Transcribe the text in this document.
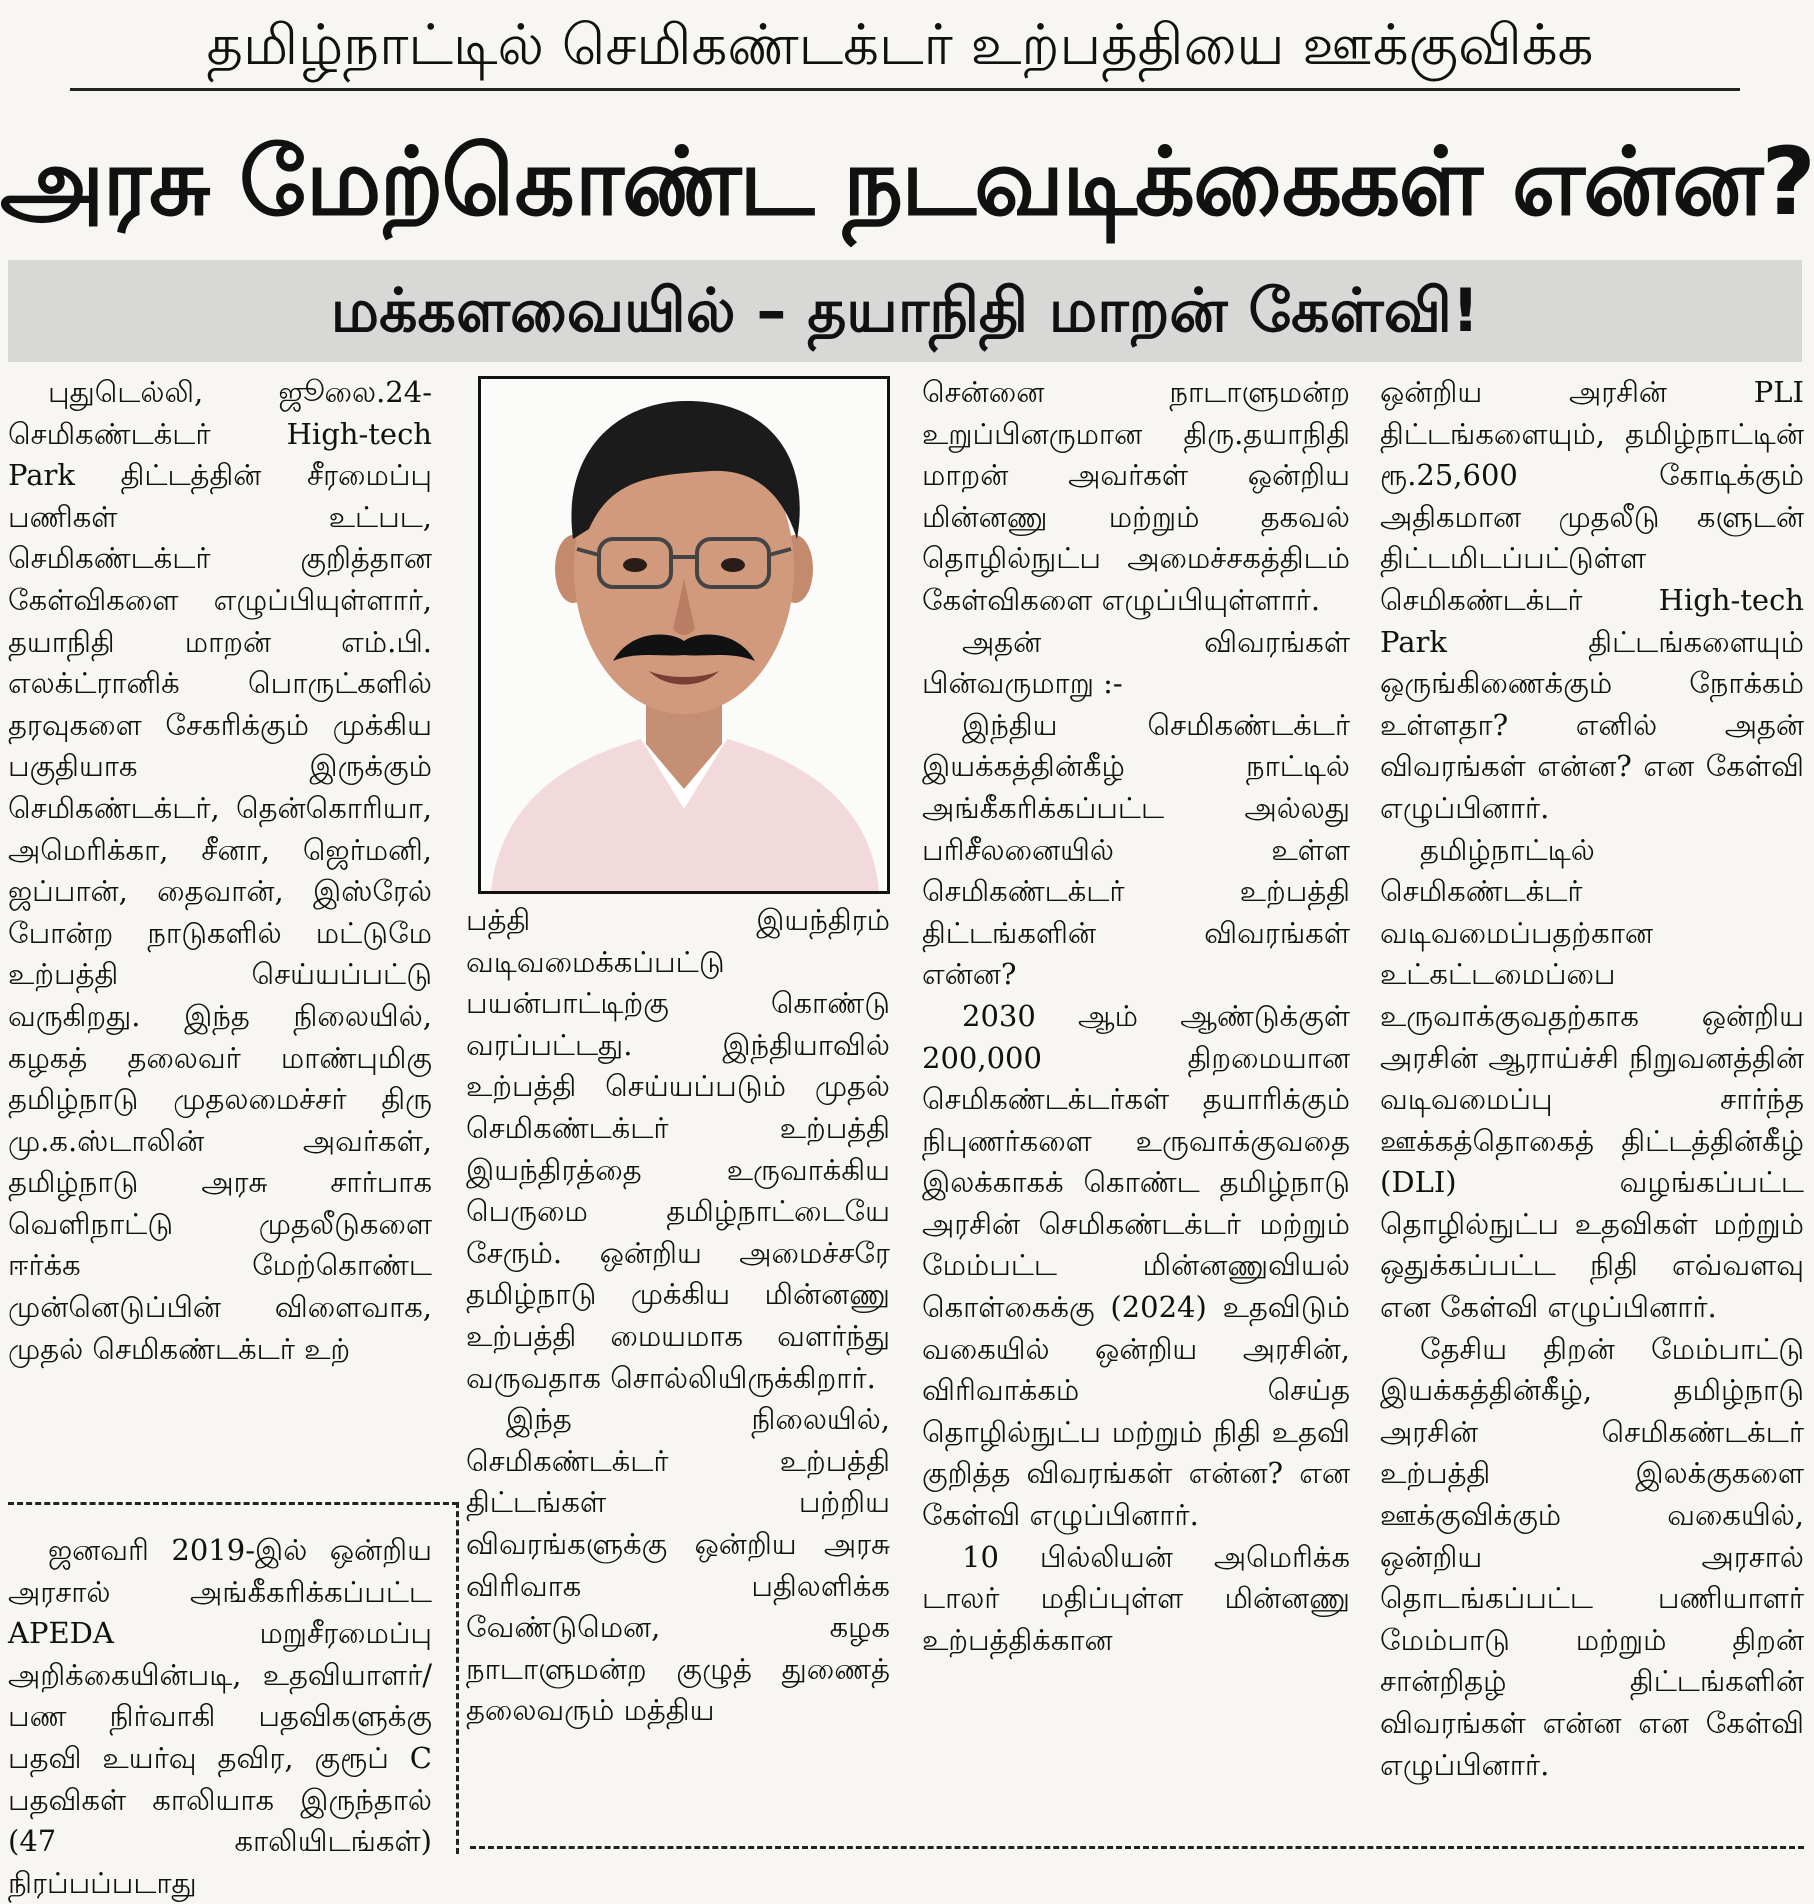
தமிழ்நாட்டில் செமிகண்டக்டர் உற்பத்தியை ஊக்குவிக்க
அரசு மேற்கொண்ட நடவடிக்கைகள் என்ன?
மக்களவையில் – தயாநிதி மாறன் கேள்வி!

புதுடெல்லி, ஜூலை.24- செமிகண்டக்டர் High-tech Park திட்டத்தின் சீரமைப்பு பணிகள் உட்பட, செமிகண்டக்டர் குறித்தான கேள்விகளை எழுப்பியுள்ளார், தயாநிதி மாறன் எம்.பி. எலக்ட்ரானிக் பொருட்களில் தரவுகளை சேகரிக்கும் முக்கிய பகுதியாக இருக்கும் செமிகண்டக்டர், தென்கொரியா, அமெரிக்கா, சீனா, ஜெர்மனி, ஜப்பான், தைவான், இஸ்ரேல் போன்ற நாடுகளில் மட்டுமே உற்பத்தி செய்யப்பட்டு வருகிறது. இந்த நிலையில், கழகத் தலைவர் மாண்புமிகு தமிழ்நாடு முதலமைச்சர் திரு மு.க.ஸ்டாலின் அவர்கள், தமிழ்நாடு அரசு சார்பாக வெளிநாட்டு முதலீடுகளை ஈர்க்க மேற்கொண்ட முன்னெடுப்பின் விளைவாக, முதல் செமிகண்டக்டர் உற்

பத்தி இயந்திரம் வடிவமைக்கப்பட்டு பயன்பாட்டிற்கு கொண்டு வரப்பட்டது. இந்தியாவில் உற்பத்தி செய்யப்படும் முதல் செமிகண்டக்டர் உற்பத்தி இயந்திரத்தை உருவாக்கிய பெருமை தமிழ்நாட்டையே சேரும். ஒன்றிய அமைச்சரே தமிழ்நாடு முக்கிய மின்னணு உற்பத்தி மையமாக வளர்ந்து வருவதாக சொல்லியிருக்கிறார்.

இந்த நிலையில், செமிகண்டக்டர் உற்பத்தி திட்டங்கள் பற்றிய விவரங்களுக்கு ஒன்றிய அரசு விரிவாக பதிலளிக்க வேண்டுமென, கழக நாடாளுமன்ற குழுத் துணைத் தலைவரும் மத்திய

சென்னை நாடாளுமன்ற உறுப்பினருமான திரு.தயாநிதி மாறன் அவர்கள் ஒன்றிய மின்னணு மற்றும் தகவல் தொழில்நுட்ப அமைச்சகத்திடம் கேள்விகளை எழுப்பியுள்ளார்.

அதன் விவரங்கள் பின்வருமாறு :-

இந்திய செமிகண்டக்டர் இயக்கத்தின்கீழ் நாட்டில் அங்கீகரிக்கப்பட்ட அல்லது பரிசீலனையில் உள்ள செமிகண்டக்டர் உற்பத்தி திட்டங்களின் விவரங்கள் என்ன?

2030 ஆம் ஆண்டுக்குள் 200,000 திறமையான செமிகண்டக்டர்கள் தயாரிக்கும் நிபுணர்களை உருவாக்குவதை இலக்காகக் கொண்ட தமிழ்நாடு அரசின் செமிகண்டக்டர் மற்றும் மேம்பட்ட மின்னணுவியல் கொள்கைக்கு (2024) உதவிடும் வகையில் ஒன்றிய அரசின், விரிவாக்கம் செய்த தொழில்நுட்ப மற்றும் நிதி உதவி குறித்த விவரங்கள் என்ன? என கேள்வி எழுப்பினார்.

10 பில்லியன் அமெரிக்க டாலர் மதிப்புள்ள மின்னணு உற்பத்திக்கான

ஒன்றிய அரசின் PLI திட்டங்களையும், தமிழ்நாட்டின் ரூ.25,600 கோடிக்கும் அதிகமான முதலீடு களுடன் திட்டமிடப்பட்டுள்ள செமிகண்டக்டர் High-tech Park திட்டங்களையும் ஒருங்கிணைக்கும் நோக்கம் உள்ளதா? எனில் அதன் விவரங்கள் என்ன? என கேள்வி எழுப்பினார்.

தமிழ்நாட்டில் செமிகண்டக்டர் வடிவமைப்பதற்கான உட்கட்டமைப்பை உருவாக்குவதற்காக ஒன்றிய அரசின் ஆராய்ச்சி நிறுவனத்தின் வடிவமைப்பு சார்ந்த ஊக்கத்தொகைத் திட்டத்தின்கீழ் (DLI) வழங்கப்பட்ட தொழில்நுட்ப உதவிகள் மற்றும் ஒதுக்கப்பட்ட நிதி எவ்வளவு என கேள்வி எழுப்பினார்.

தேசிய திறன் மேம்பாட்டு இயக்கத்தின்கீழ், தமிழ்நாடு அரசின் செமிகண்டக்டர் உற்பத்தி இலக்குகளை ஊக்குவிக்கும் வகையில், ஒன்றிய அரசால் தொடங்கப்பட்ட பணியாளர் மேம்பாடு மற்றும் திறன் சான்றிதழ் திட்டங்களின் விவரங்கள் என்ன என கேள்வி எழுப்பினார்.

ஜனவரி 2019-இல் ஒன்றிய அரசால் அங்கீகரிக்கப்பட்ட APEDA மறுசீரமைப்பு அறிக்கையின்படி, உதவியாளர்/பண நிர்வாகி பதவிகளுக்கு பதவி உயர்வு தவிர, குரூப் C பதவிகள் காலியாக இருந்தால் (47 காலியிடங்கள்) நிரப்பப்படாது
